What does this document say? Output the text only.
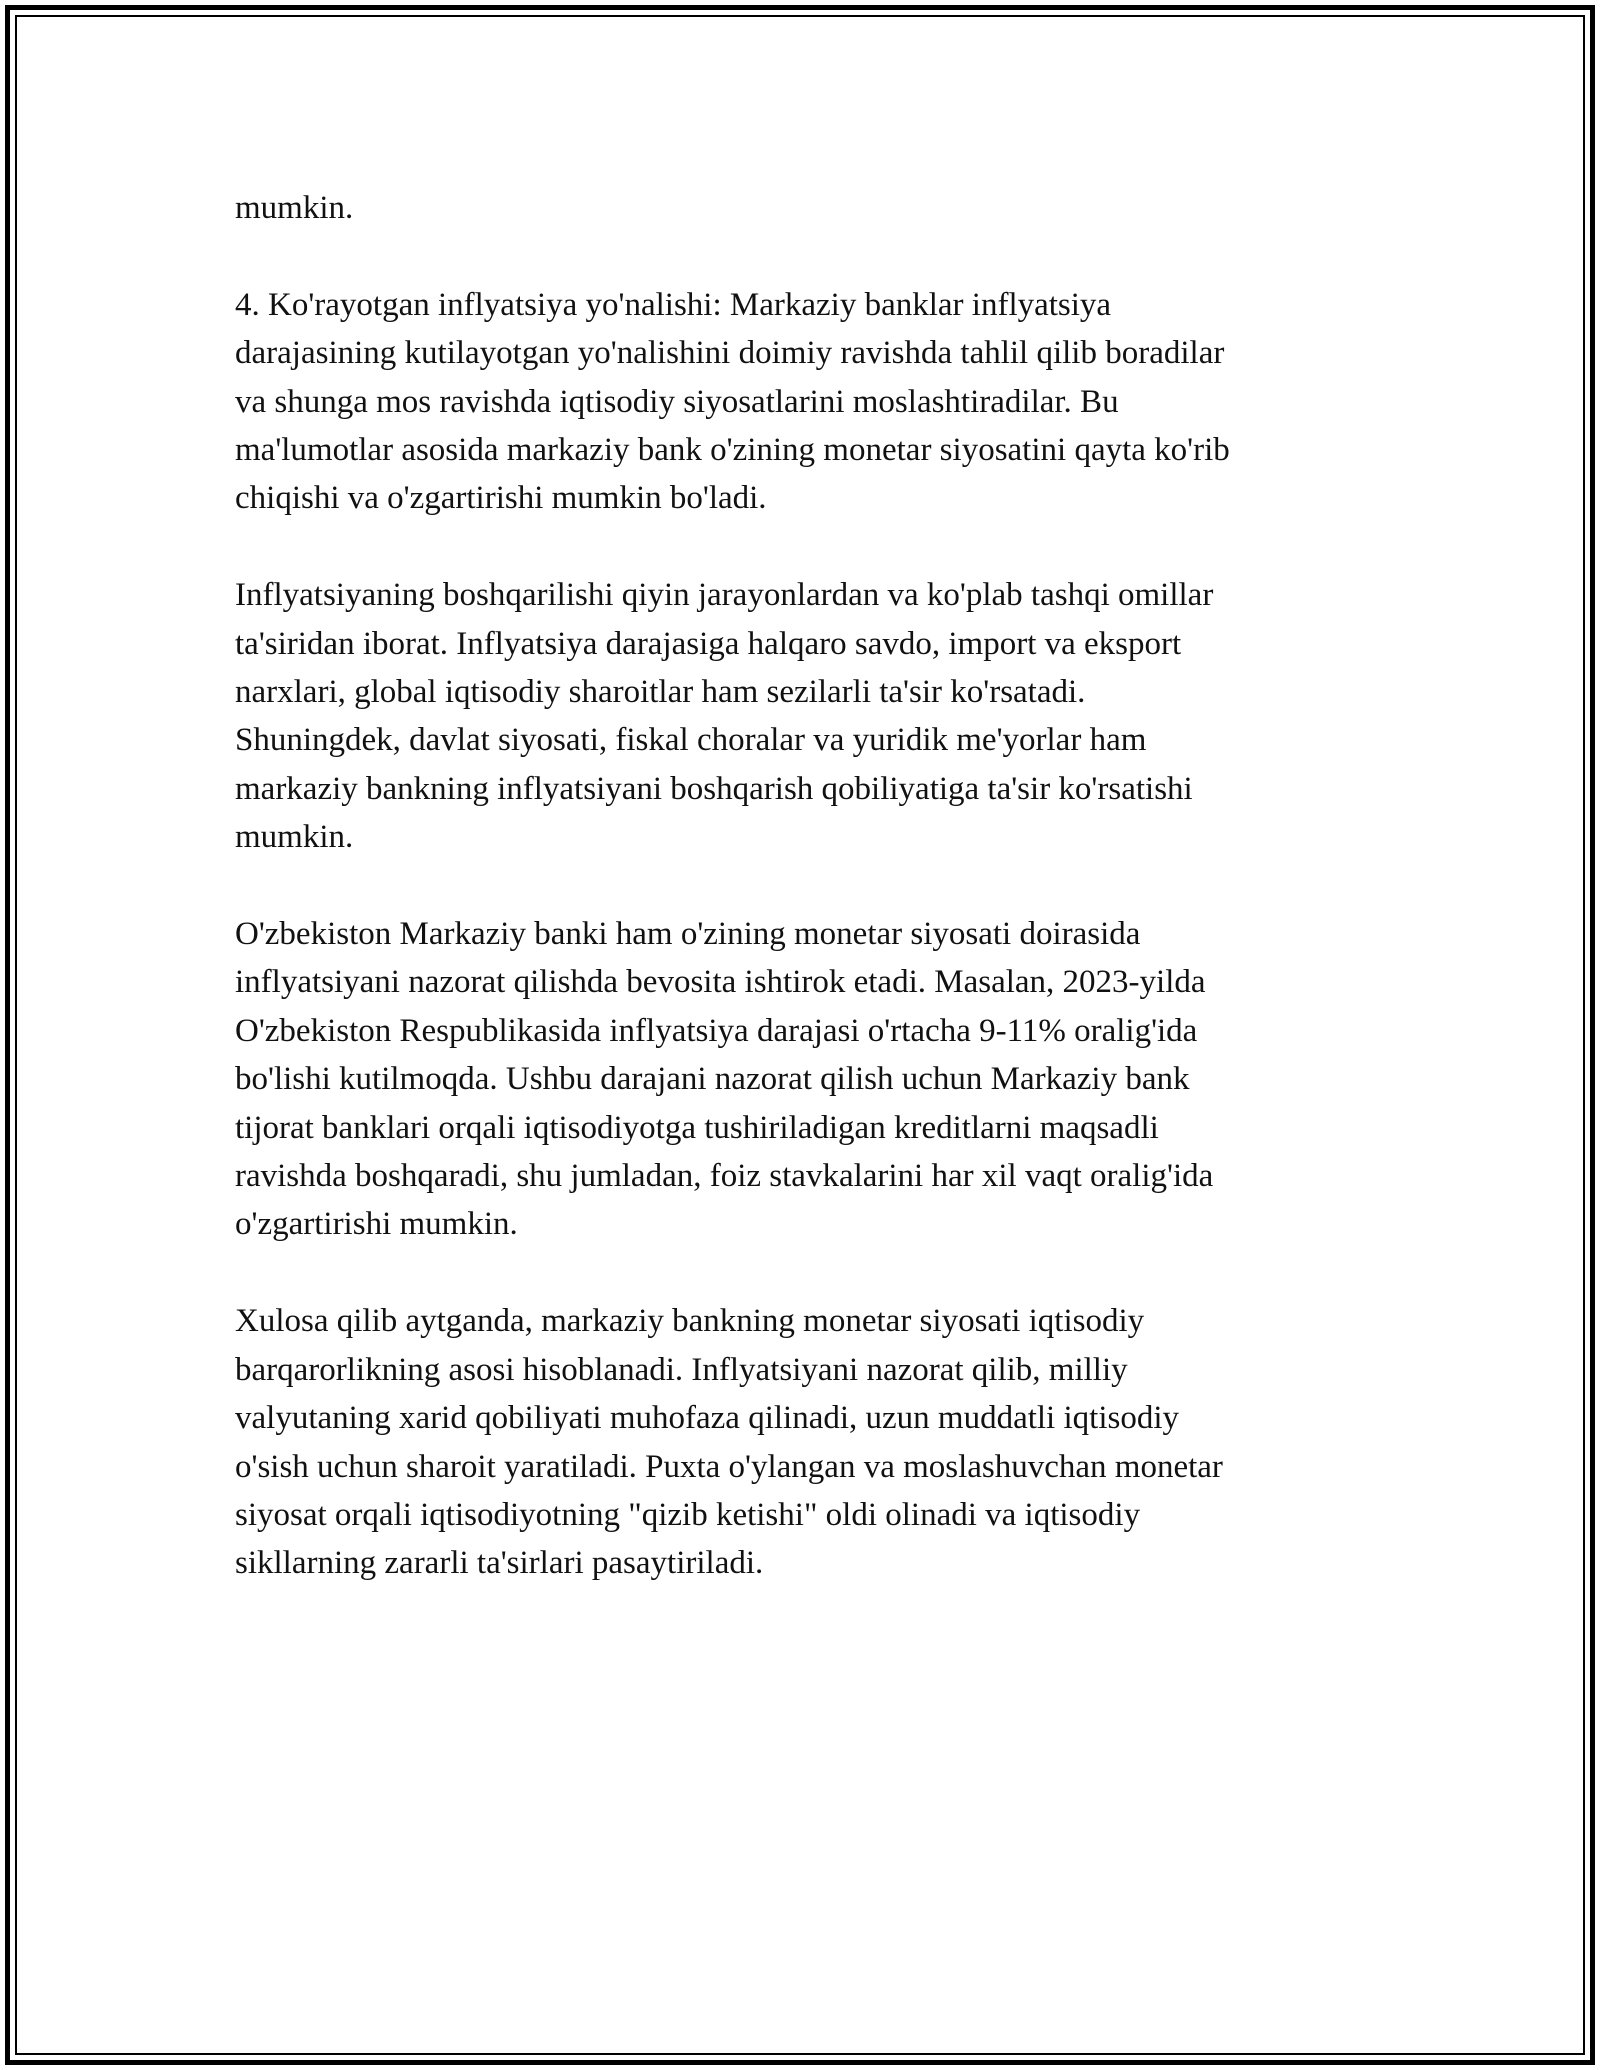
mumkin.

4. Ko'rayotgan inflyatsiya yo'nalishi: Markaziy banklar inflyatsiya
darajasining kutilayotgan yo'nalishini doimiy ravishda tahlil qilib boradilar
va shunga mos ravishda iqtisodiy siyosatlarini moslashtiradilar. Bu
ma'lumotlar asosida markaziy bank o'zining monetar siyosatini qayta ko'rib
chiqishi va o'zgartirishi mumkin bo'ladi.

Inflyatsiyaning boshqarilishi qiyin jarayonlardan va ko'plab tashqi omillar
ta'siridan iborat. Inflyatsiya darajasiga halqaro savdo, import va eksport
narxlari, global iqtisodiy sharoitlar ham sezilarli ta'sir ko'rsatadi.
Shuningdek, davlat siyosati, fiskal choralar va yuridik me'yorlar ham
markaziy bankning inflyatsiyani boshqarish qobiliyatiga ta'sir ko'rsatishi
mumkin.

O'zbekiston Markaziy banki ham o'zining monetar siyosati doirasida
inflyatsiyani nazorat qilishda bevosita ishtirok etadi. Masalan, 2023-yilda
O'zbekiston Respublikasida inflyatsiya darajasi o'rtacha 9-11% oralig'ida
bo'lishi kutilmoqda. Ushbu darajani nazorat qilish uchun Markaziy bank
tijorat banklari orqali iqtisodiyotga tushiriladigan kreditlarni maqsadli
ravishda boshqaradi, shu jumladan, foiz stavkalarini har xil vaqt oralig'ida
o'zgartirishi mumkin.

Xulosa qilib aytganda, markaziy bankning monetar siyosati iqtisodiy
barqarorlikning asosi hisoblanadi. Inflyatsiyani nazorat qilib, milliy
valyutaning xarid qobiliyati muhofaza qilinadi, uzun muddatli iqtisodiy
o'sish uchun sharoit yaratiladi. Puxta o'ylangan va moslashuvchan monetar
siyosat orqali iqtisodiyotning "qizib ketishi" oldi olinadi va iqtisodiy
sikllarning zararli ta'sirlari pasaytiriladi.
